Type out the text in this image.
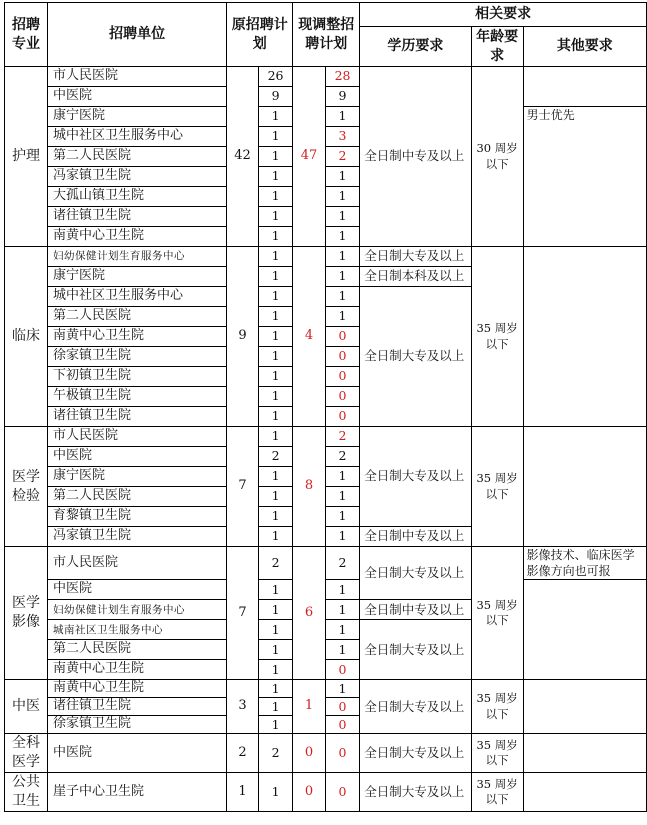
招聘专业	招聘单位	原招聘计划		现调整招聘计划		相关要求		
						学历要求	年龄要求	其他要求
护理	市人民医院	42	26	47	28	全日制中专及以上	30 周岁以下	
	中医院		9		9			
	康宁医院		1		1			男士优先
	城中社区卫生服务中心		1		3			
	第二人民医院		1		2			
	冯家镇卫生院		1		1			
	大孤山镇卫生院		1		1			
	诸往镇卫生院		1		1			
	南黄中心卫生院		1		1			
临床	妇幼保健计划生育服务中心	9	1	4	1	全日制大专及以上	35 周岁以下	
	康宁医院		1		1	全日制本科及以上		
	城中社区卫生服务中心		1		1	全日制大专及以上		
	第二人民医院		1		1			
	南黄中心卫生院		1		0			
	徐家镇卫生院		1		0			
	下初镇卫生院		1		0			
	午极镇卫生院		1		0			
	诸往镇卫生院		1		0			
医学检验	市人民医院	7	1	8	2	全日制大专及以上	35 周岁以下	
	中医院		2		2			
	康宁医院		1		1			
	第二人民医院		1		1			
	育黎镇卫生院		1		1			
	冯家镇卫生院		1		1	全日制中专及以上		
医学影像	市人民医院	7	2	6	2	全日制大专及以上	35 周岁以下	影像技术、临床医学影像方向也可报
	中医院		1		1			
	妇幼保健计划生育服务中心		1		1	全日制中专及以上		
	城南社区卫生服务中心		1		1	全日制大专及以上		
	第二人民医院		1		1			
	南黄中心卫生院		1		0			
中医	南黄中心卫生院	3	1	1	1	全日制大专及以上	35 周岁以下	
	诸往镇卫生院		1		0			
	徐家镇卫生院		1		0			
全科医学	中医院	2	2	0	0	全日制大专及以上	35 周岁以下	
公共卫生	崖子中心卫生院	1	1	0	0	全日制大专及以上	35 周岁以下	
